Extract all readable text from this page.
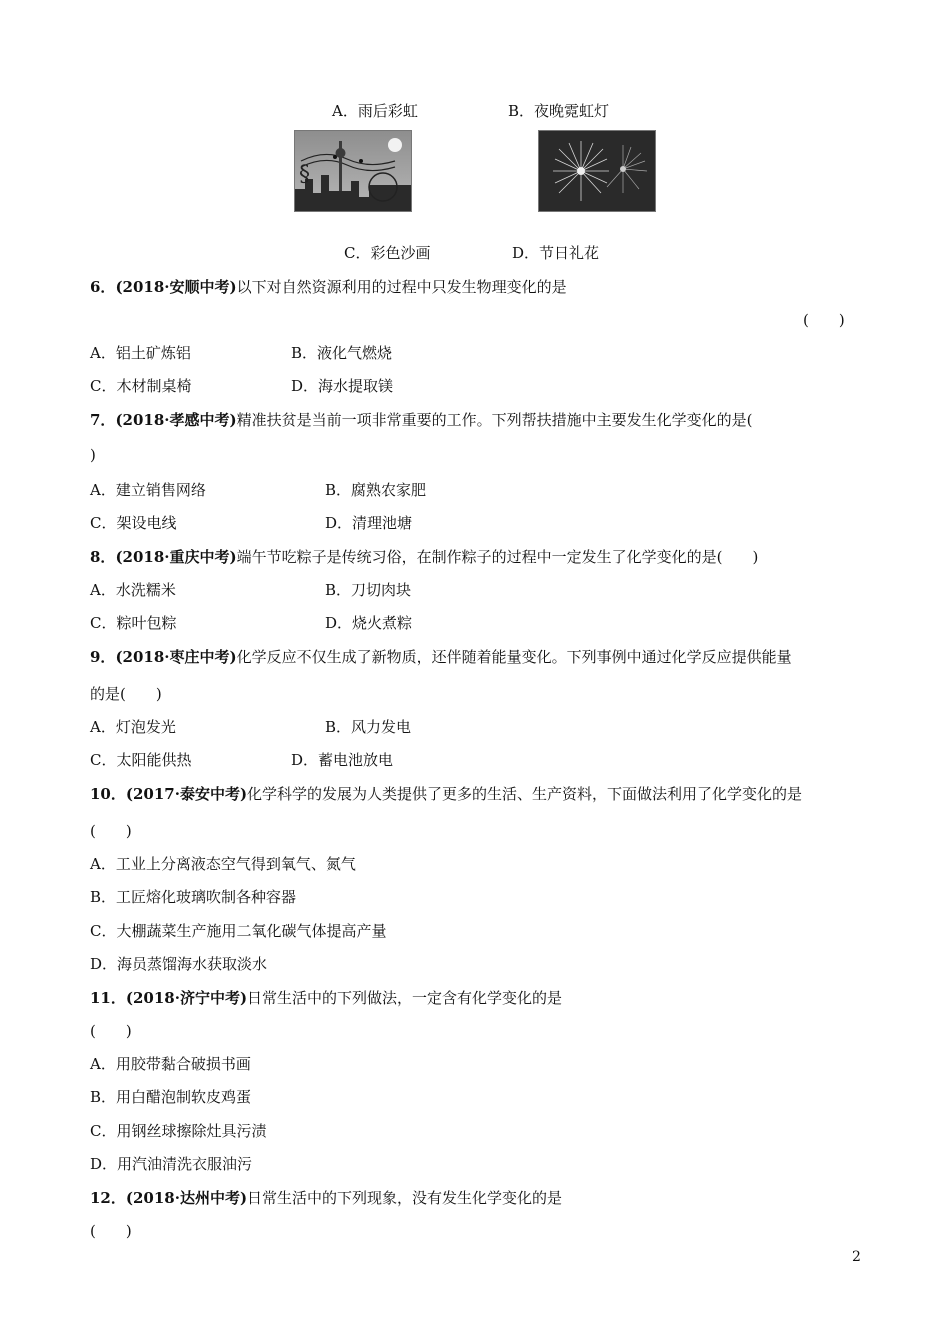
A．雨后彩虹	B．夜晚霓虹灯
§
C．彩色沙画	D．节日礼花
6．(2018·安顺中考)以下对自然资源利用的过程中只发生物理变化的是
(　　)
A．铝土矿炼铝	B．液化气燃烧
C．木材制桌椅	D．海水提取镁
7．(2018·孝感中考)精准扶贫是当前一项非常重要的工作。下列帮扶措施中主要发生化学变化的是(
)
A．建立销售网络	B．腐熟农家肥
C．架设电线	D．清理池塘
8．(2018·重庆中考)端午节吃粽子是传统习俗，在制作粽子的过程中一定发生了化学变化的是(　　)
A．水洗糯米	B．刀切肉块
C．粽叶包粽	D．烧火煮粽
9．(2018·枣庄中考)化学反应不仅生成了新物质，还伴随着能量变化。下列事例中通过化学反应提供能量
的是(　　)
A．灯泡发光	B．风力发电
C．太阳能供热	D．蓄电池放电
10．(2017·泰安中考)化学科学的发展为人类提供了更多的生活、生产资料，下面做法利用了化学变化的是
(　　)
A．工业上分离液态空气得到氧气、氮气
B．工匠熔化玻璃吹制各种容器
C．大棚蔬菜生产施用二氧化碳气体提高产量
D．海员蒸馏海水获取淡水
11．(2018·济宁中考)日常生活中的下列做法，一定含有化学变化的是
(　　)
A．用胶带黏合破损书画
B．用白醋泡制软皮鸡蛋
C．用钢丝球擦除灶具污渍
D．用汽油清洗衣服油污
12．(2018·达州中考)日常生活中的下列现象，没有发生化学变化的是
(　　)
2
